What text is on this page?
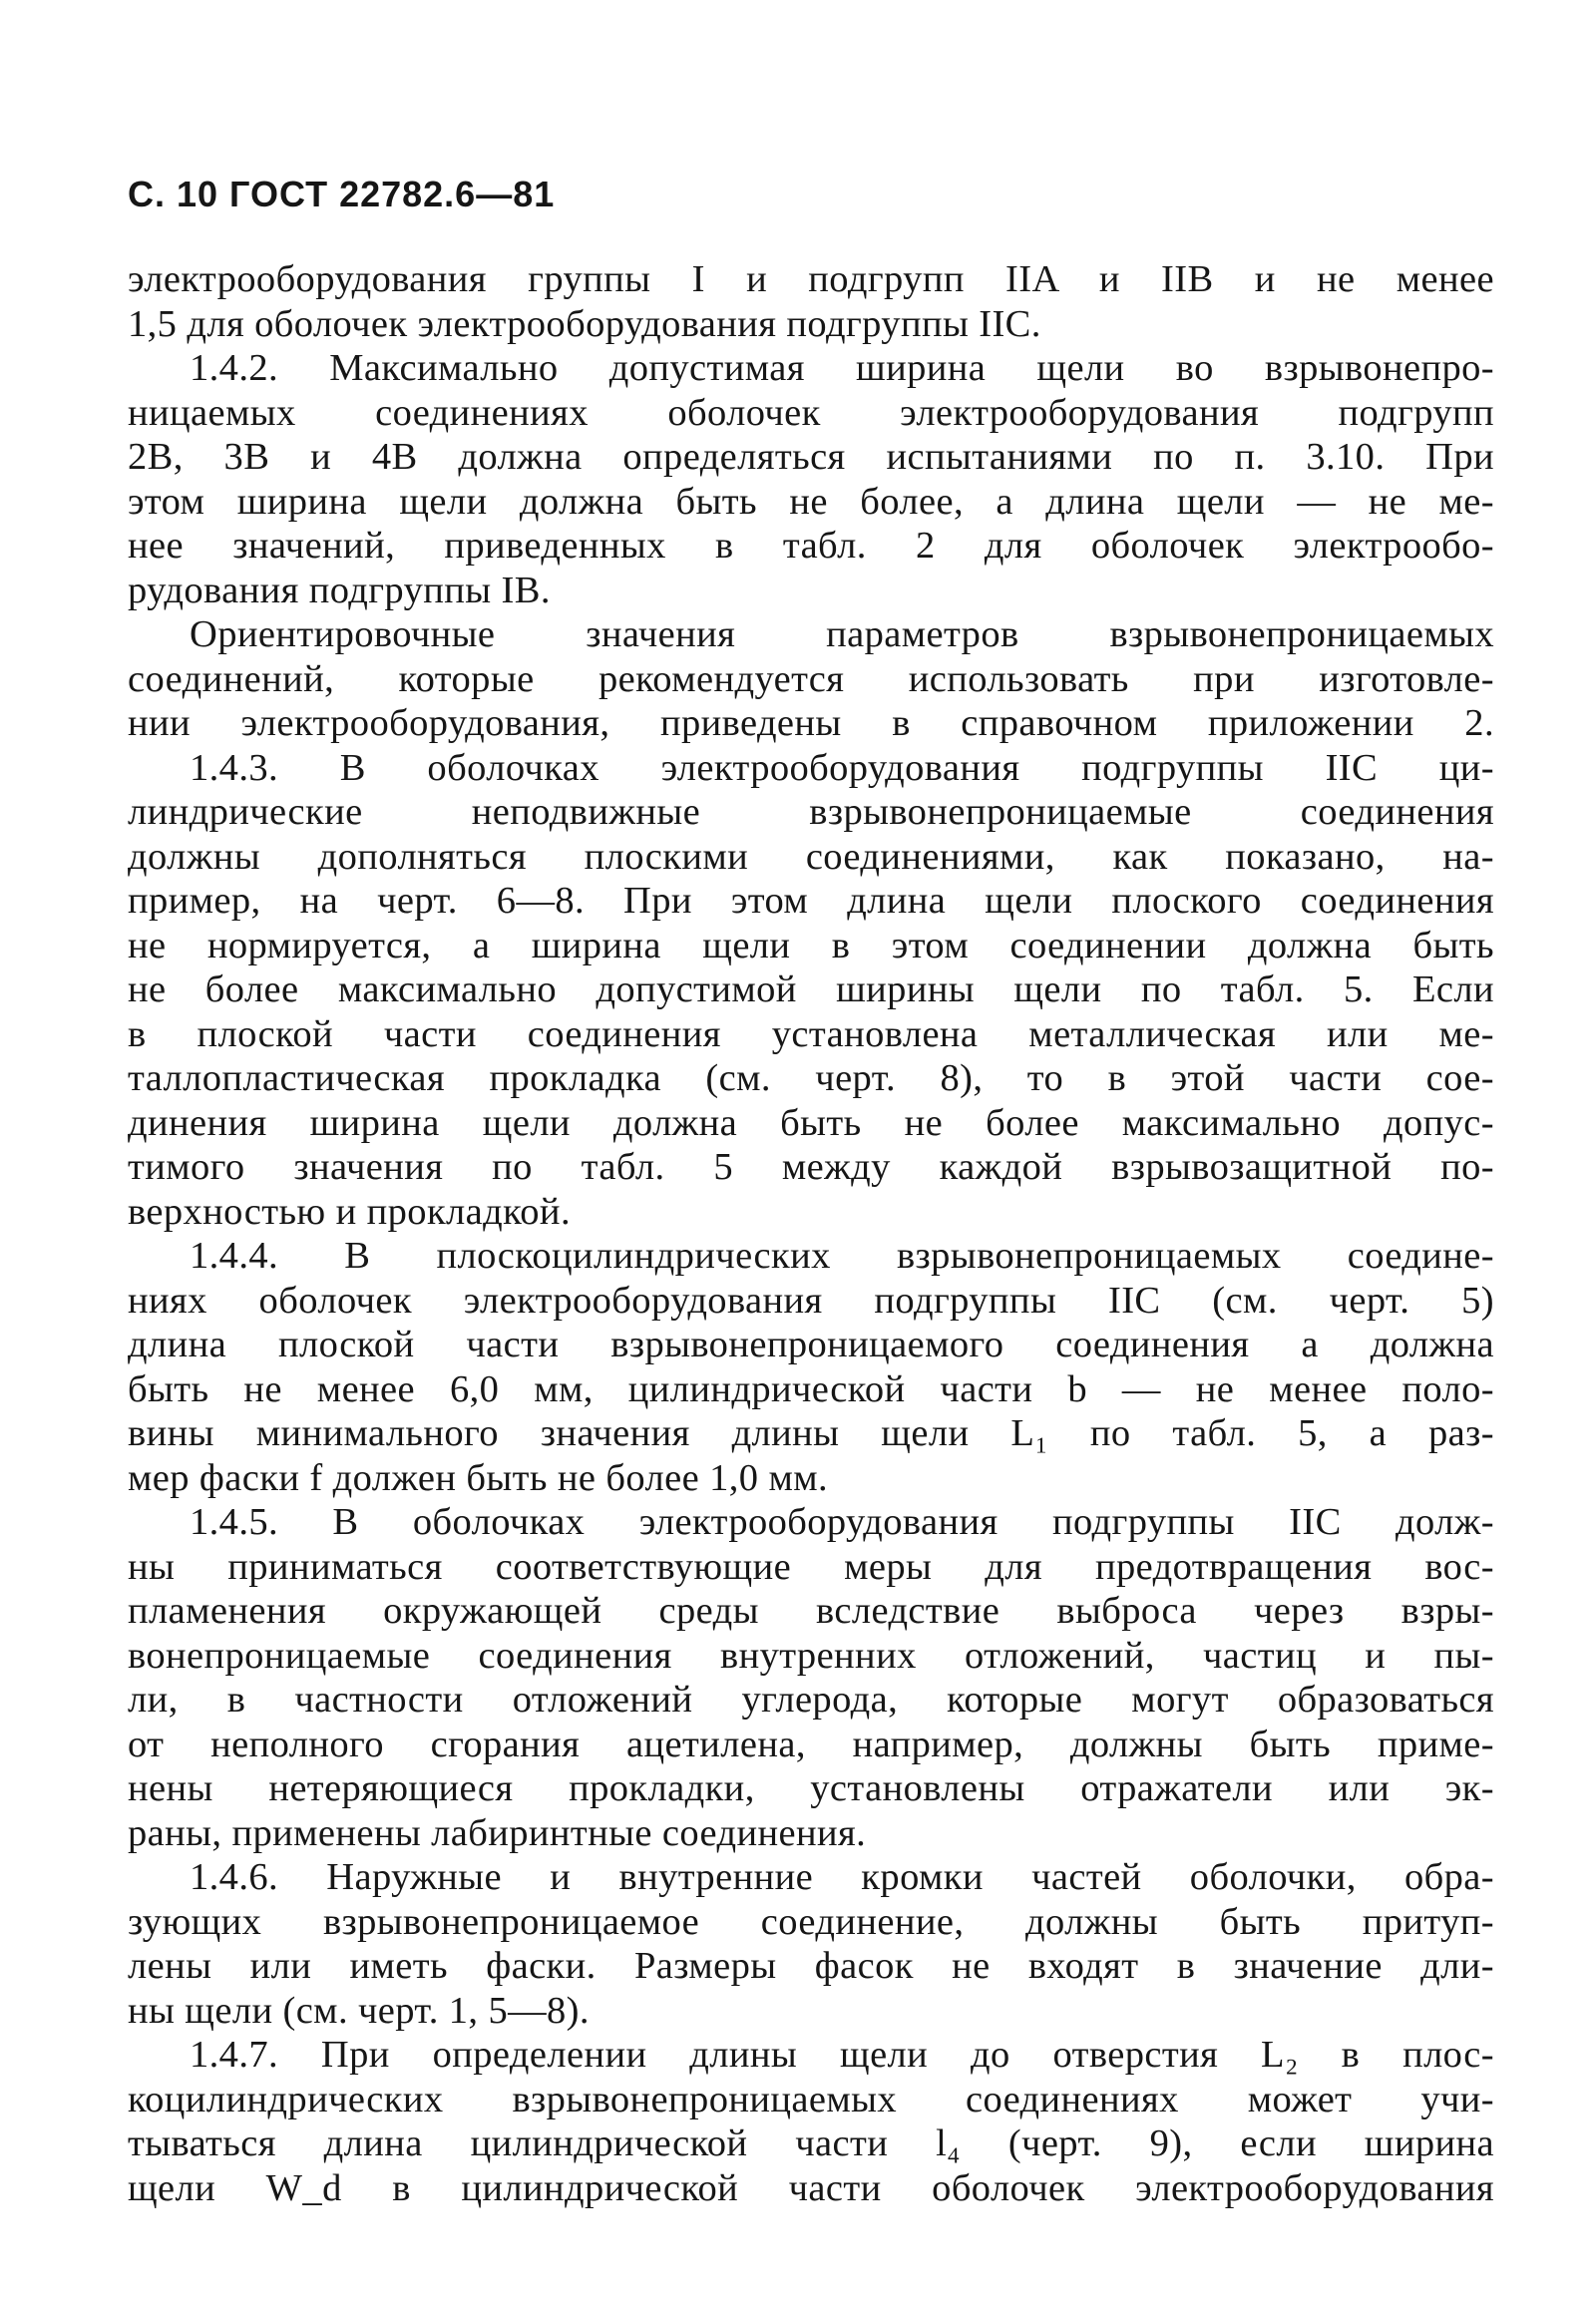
С. 10 ГОСТ 22782.6—81
электрооборудования группы I и подгрупп IIA и IIB и не менее
1,5 для оболочек электрооборудования подгруппы IIC.
1.4.2. Максимально допустимая ширина щели во взрывонепро-
ницаемых соединениях оболочек электрооборудования подгрупп
2B, 3B и 4B должна определяться испытаниями по п. 3.10. При
этом ширина щели должна быть не более, а длина щели — не ме-
нее значений, приведенных в табл. 2 для оболочек электрообо-
рудования подгруппы IB.
Ориентировочные значения параметров взрывонепроницаемых
соединений, которые рекомендуется использовать при изготовле-
нии электрооборудования, приведены в справочном приложении 2.
1.4.3. В оболочках электрооборудования подгруппы IIC ци-
линдрические неподвижные взрывонепроницаемые соединения
должны дополняться плоскими соединениями, как показано, на-
пример, на черт. 6—8. При этом длина щели плоского соединения
не нормируется, а ширина щели в этом соединении должна быть
не более максимально допустимой ширины щели по табл. 5. Если
в плоской части соединения установлена металлическая или ме-
таллопластическая прокладка (см. черт. 8), то в этой части сое-
динения ширина щели должна быть не более максимально допус-
тимого значения по табл. 5 между каждой взрывозащитной по-
верхностью и прокладкой.
1.4.4. В плоскоцилиндрических взрывонепроницаемых соедине-
ниях оболочек электрооборудования подгруппы IIC (см. черт. 5)
длина плоской части взрывонепроницаемого соединения a должна
быть не менее 6,0 мм, цилиндрической части b — не менее поло-
вины минимального значения длины щели L₁ по табл. 5, а раз-
мер фаски f должен быть не более 1,0 мм.
1.4.5. В оболочках электрооборудования подгруппы IIC долж-
ны приниматься соответствующие меры для предотвращения вос-
пламенения окружающей среды вследствие выброса через взры-
вонепроницаемые соединения внутренних отложений, частиц и пы-
ли, в частности отложений углерода, которые могут образоваться
от неполного сгорания ацетилена, например, должны быть приме-
нены нетеряющиеся прокладки, установлены отражатели или эк-
раны, применены лабиринтные соединения.
1.4.6. Наружные и внутренние кромки частей оболочки, обра-
зующих взрывонепроницаемое соединение, должны быть притуп-
лены или иметь фаски. Размеры фасок не входят в значение дли-
ны щели (см. черт. 1, 5—8).
1.4.7. При определении длины щели до отверстия L₂ в плос-
коцилиндрических взрывонепроницаемых соединениях может учи-
тываться длина цилиндрической части l₄ (черт. 9), если ширина
щели W_d в цилиндрической части оболочек электрооборудования
